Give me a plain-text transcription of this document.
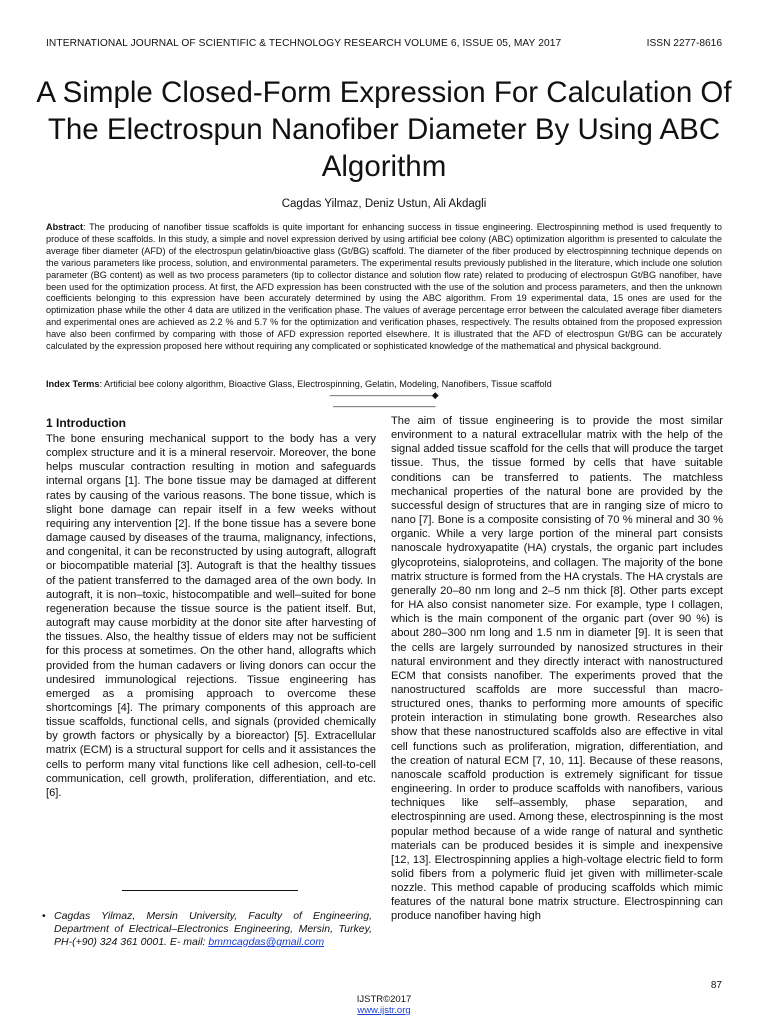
INTERNATIONAL JOURNAL OF SCIENTIFIC & TECHNOLOGY RESEARCH VOLUME 6, ISSUE 05, MAY 2017	ISSN 2277-8616
A Simple Closed-Form Expression For Calculation Of The Electrospun Nanofiber Diameter By Using ABC Algorithm
Cagdas Yilmaz, Deniz Ustun, Ali Akdagli
Abstract: The producing of nanofiber tissue scaffolds is quite important for enhancing success in tissue engineering. Electrospinning method is used frequently to produce of these scaffolds. In this study, a simple and novel expression derived by using artificial bee colony (ABC) optimization algorithm is presented to calculate the average fiber diameter (AFD) of the electrospun gelatin/bioactive glass (Gt/BG) scaffold. The diameter of the fiber produced by electrospinning technique depends on the various parameters like process, solution, and environmental parameters. The experimental results previously published in the literature, which include one solution parameter (BG content) as well as two process parameters (tip to collector distance and solution flow rate) related to producing of electrospun Gt/BG nanofiber, have been used for the optimization process. At first, the AFD expression has been constructed with the use of the solution and process parameters, and then the unknown coefficients belonging to this expression have been accurately determined by using the ABC algorithm. From 19 experimental data, 15 ones are used for the optimization phase while the other 4 data are utilized in the verification phase. The values of average percentage error between the calculated average fiber diameters and experimental ones are achieved as 2.2 % and 5.7 % for the optimization and verification phases, respectively. The results obtained from the proposed expression have also been confirmed by comparing with those of AFD expression reported elsewhere. It is illustrated that the AFD of electrospun Gt/BG can be accurately calculated by the expression proposed here without requiring any complicated or sophisticated knowledge of the mathematical and physical background.
Index Terms: Artificial bee colony algorithm, Bioactive Glass, Electrospinning, Gelatin, Modeling, Nanofibers, Tissue scaffold
————————————◆————————————
1 Introduction

The bone ensuring mechanical support to the body has a very complex structure and it is a mineral reservoir. Moreover, the bone helps muscular contraction resulting in motion and safeguards internal organs [1]. The bone tissue may be damaged at different rates by causing of the various reasons. The bone tissue, which is slight bone damage can repair itself in a few weeks without requiring any intervention [2]. If the bone tissue has a severe bone damage caused by diseases of the trauma, malignancy, infections, and congenital, it can be reconstructed by using autograft, allograft or biocompatible material [3]. Autograft is that the healthy tissues of the patient transferred to the damaged area of the own body. In autograft, it is non–toxic, histocompatible and well–suited for bone regeneration because the tissue source is the patient itself. But, autograft may cause morbidity at the donor site after harvesting of the tissues. Also, the healthy tissue of elders may not be sufficient for this process at sometimes. On the other hand, allografts which provided from the human cadavers or living donors can occur the undesired immunological rejections. Tissue engineering has emerged as a promising approach to overcome these shortcomings [4]. The primary components of this approach are tissue scaffolds, functional cells, and signals (provided chemically by growth factors or physically by a bioreactor) [5]. Extracellular matrix (ECM) is a structural support for cells and it assistances the cells to perform many vital functions like cell adhesion, cell-to-cell communication, cell growth, proliferation, differentiation, and etc. [6].

The aim of tissue engineering is to provide the most similar environment to a natural extracellular matrix with the help of the signal added tissue scaffold for the cells that will produce the target tissue. Thus, the tissue formed by cells that have suitable conditions can be transferred to patients. The matchless mechanical properties of the natural bone are provided by the successful design of structures that are in ranging size of micro to nano [7]. Bone is a composite consisting of 70 % mineral and 30 % organic. While a very large portion of the mineral part consists nanoscale hydroxyapatite (HA) crystals, the organic part includes glycoproteins, sialoproteins, and collagen. The majority of the bone matrix structure is formed from the HA crystals. The HA crystals are generally 20–80 nm long and 2–5 nm thick [8]. Other parts except for HA also consist nanometer size. For example, type I collagen, which is the main component of the organic part (over 90 %) is about 280–300 nm long and 1.5 nm in diameter [9]. It is seen that the cells are largely surrounded by nanosized structures in their natural environment and they directly interact with nanostructured ECM that consists nanofiber. The experiments proved that the nanostructured scaffolds are more successful than macro-structured ones, thanks to performing more amounts of specific protein interaction in stimulating bone growth. Researches also show that these nanostructured scaffolds also are effective in vital cell functions such as proliferation, migration, differentiation, and the creation of natural ECM [7, 10, 11]. Because of these reasons, nanoscale scaffold production is extremely significant for tissue engineering. In order to produce scaffolds with nanofibers, various techniques like self–assembly, phase separation, and electrospinning are used. Among these, electrospinning is the most popular method because of a wide range of natural and synthetic materials can be produced besides it is simple and inexpensive [12, 13]. Electrospinning applies a high-voltage electric field to form solid fibers from a polymeric fluid jet given with millimeter-scale nozzle. This method capable of producing scaffolds which mimic features of the natural bone matrix structure. Electrospinning can produce nanofiber having high

• Cagdas Yilmaz, Mersin University, Faculty of Engineering, Department of Electrical–Electronics Engineering, Mersin, Turkey, PH-(+90) 324 361 0001. E- mail: bmmcagdas@gmail.com
87
IJSTR©2017
www.ijstr.org
